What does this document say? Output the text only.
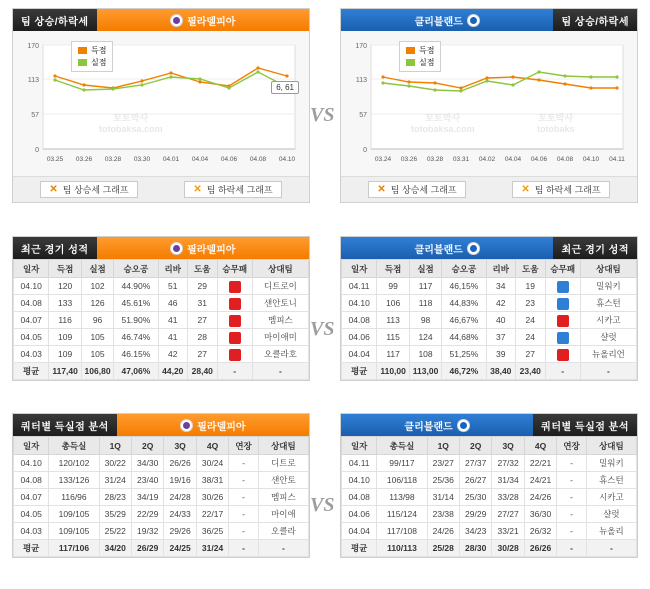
팀 상승/하락세	필라델피아
170
113
57
0
03.25 03.26 03.28 03.30 04.01 04.04 04.06 04.08 04.10
득점
실점
6, 61

✕ 팀 상승세 그래프	✕ 팀 하락세 그래프
클리블랜드	팀 상승/하락세
170
113
57
0
03.24 03.26 03.28 03.31 04.02 04.04 04.06 04.08 04.10 04.11
득점
실점

✕ 팀 상승세 그래프	✕ 팀 하락세 그래프
VS
최근 경기 성적	필라델피아
일자	득점	실점	승오공	리바	도움	승무패	상대팀
04.10	120	102	44.90%	51	29		디트로이
04.08	133	126	45.61%	46	31		샌안토니
04.07	116	96	51.90%	41	27		멤피스
04.05	109	105	46.74%	41	28		마이애미
04.03	109	105	46.15%	42	27		오클라호
평균	117,40	106,80	47,06%	44,20	28,40	-	-
클리블랜드	최근 경기 성적
일자	득점	실점	승오공	리바	도움	승무패	상대팀
04.11	99	117	46,15%	34	19		밀워키
04.10	106	118	44,83%	42	23		휴스턴
04.08	113	98	46,67%	40	24		시카고
04.06	115	124	44,68%	37	24		샬럿
04.04	117	108	51,25%	39	27		뉴올리언
평균	110,00	113,00	46,72%	38,40	23,40	-	-
VS
쿼터별 득실점 분석	필라델피아
일자	총득실	1Q	2Q	3Q	4Q	연장	상대팀
04.10	120/102	30/22	34/30	26/26	30/24	-	디트로
04.08	133/126	31/24	23/40	19/16	38/31	-	샌안토
04.07	116/96	28/23	34/19	24/28	30/26	-	멤피스
04.05	109/105	35/29	22/29	24/33	22/17	-	마이애
04.03	109/105	25/22	19/32	29/26	36/25	-	오클라
평균	117/106	34/20	26/29	24/25	31/24	-	-
클리블랜드	쿼터별 득실점 분석
일자	총득실	1Q	2Q	3Q	4Q	연장	상대팀
04.11	99/117	23/27	27/37	27/32	22/21	-	밀워키
04.10	106/118	25/36	26/27	31/34	24/21	-	휴스턴
04.08	113/98	31/14	25/30	33/28	24/26	-	시카고
04.06	115/124	23/38	29/29	27/27	36/30	-	샬럿
04.04	117/108	24/26	34/23	33/21	26/32	-	뉴올리
평균	110/113	25/28	28/30	30/28	26/26	-	-
VS
